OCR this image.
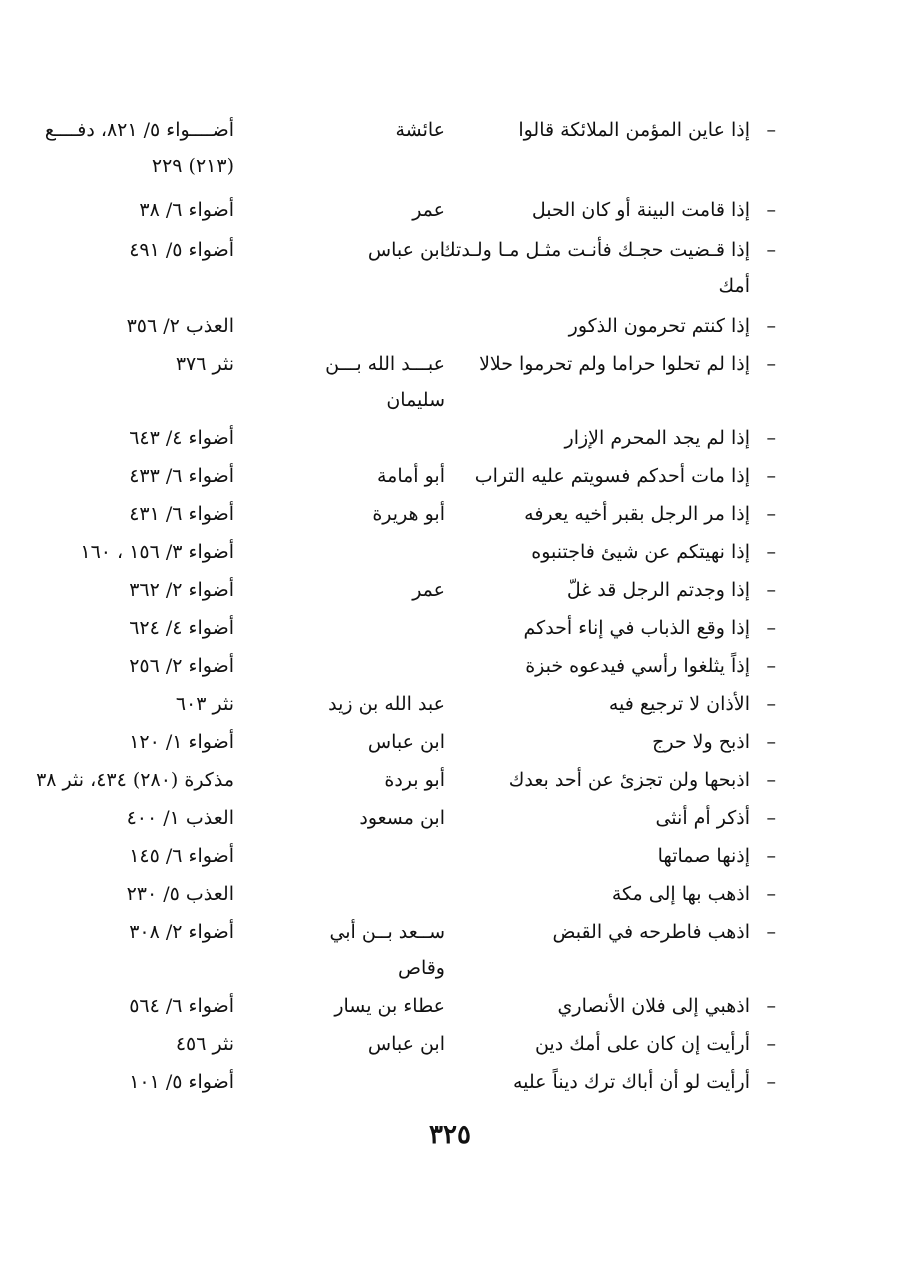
–
إذا عاين المؤمن الملائكة قالوا
عائشة
أضــــواء ٥/ ٨٢١، دفــــع
(٢١٣) ٢٢٩
–
إذا قامت البينة أو كان الحبل
عمر
أضواء ٦/ ٣٨
–
إذا قـضيت حجـك فأنـت مثـل مـا ولـدتك
ابن عباس
أضواء ٥/ ٤٩١
أمك
–
إذا كنتم تحرمون الذكور
العذب ٢/ ٣٥٦
–
إذا لم تحلوا حراما ولم تحرموا حلالا
عبـــد الله بـــن
نثر ٣٧٦
سليمان
–
إذا لم يجد المحرم الإزار
أضواء ٤/ ٦٤٣
–
إذا مات أحدكم فسويتم عليه التراب
أبو أمامة
أضواء ٦/ ٤٣٣
–
إذا مر الرجل بقبر أخيه يعرفه
أبو هريرة
أضواء ٦/ ٤٣١
–
إذا نهيتكم عن شيئ فاجتنبوه
أضواء ٣/ ١٥٦ ، ١٦٠
–
إذا وجدتم الرجل قد غلّ
عمر
أضواء ٢/ ٣٦٢
–
إذا وقع الذباب في إناء أحدكم
أضواء ٤/ ٦٢٤
–
إذاً يثلغوا رأسي فيدعوه خبزة
أضواء ٢/ ٢٥٦
–
الأذان لا ترجيع فيه
عبد الله بن زيد
نثر ٦٠٣
–
اذبح ولا حرج
ابن عباس
أضواء ١/ ١٢٠
–
اذبحها ولن تجزئ عن أحد بعدك
أبو بردة
مذكرة (٢٨٠) ٤٣٤، نثر ٣٨
–
أذكر أم أنثى
ابن مسعود
العذب ١/ ٤٠٠
–
إذنها صماتها
أضواء ٦/ ١٤٥
–
اذهب بها إلى مكة
العذب ٥/ ٢٣٠
–
اذهب فاطرحه في القبض
ســعد بــن أبي
أضواء ٢/ ٣٠٨
وقاص
–
اذهبي إلى فلان الأنصاري
عطاء بن يسار
أضواء ٦/ ٥٦٤
–
أرأيت إن كان على أمك دين
ابن عباس
نثر ٤٥٦
–
أرأيت لو أن أباك ترك ديناً عليه
أضواء ٥/ ١٠١
٣٢٥
